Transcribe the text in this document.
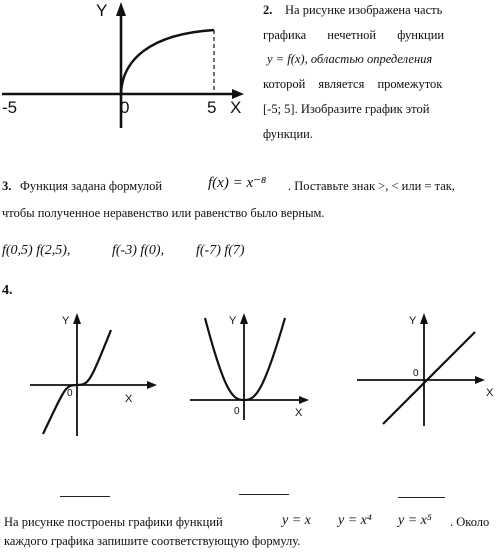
Y
X
-5	0	5
2. На рисунке изображена часть
графика нечетной функции
y = f(x), областью определения
которой является промежуток
[-5; 5]. Изобразите график этой
функции.
3. Функция задана формулой	f(x) = x⁻⁸ . Поставьте знак >, < или = так,
чтобы полученное неравенство или равенство было верным.
f(0,5) f(2,5),	f(-3) f(0), f(-7) f(7)
4.
Y
X
0
Y
X
0
Y
X
0
На рисунке построены графики функций	y = x y = x⁴ y = x⁵ . Около
каждого графика запишите соответствующую формулу.
